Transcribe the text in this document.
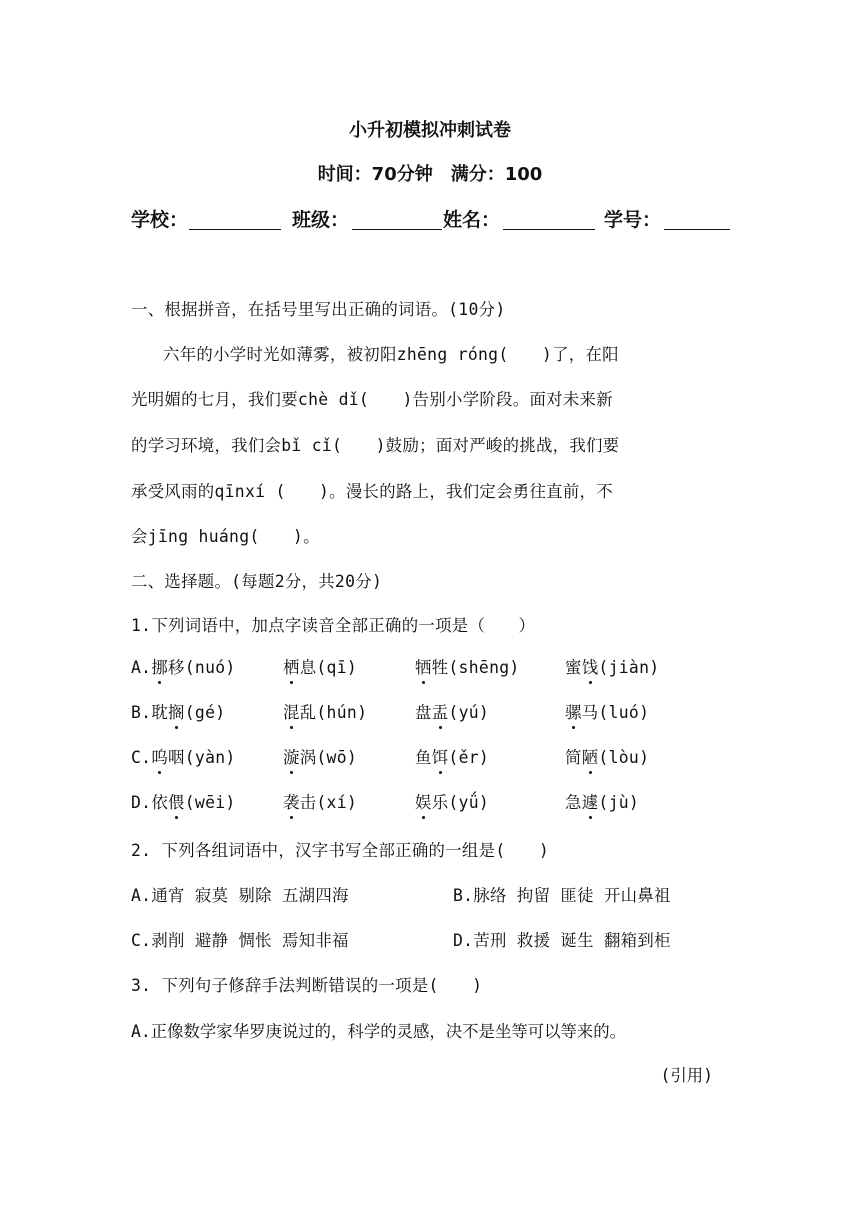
小升初模拟冲刺试卷
时间：70分钟　满分：100
学校：	班级：	姓名：	学号：
一、根据拼音，在括号里写出正确的词语。(10分)
六年的小学时光如薄雾，被初阳zhēng róng(　　)了，在阳
光明媚的七月，我们要chè dǐ(　　)告别小学阶段。面对未来新
的学习环境，我们会bǐ cǐ(　　)鼓励；面对严峻的挑战，我们要
承受风雨的qīnxí (　　)。漫长的路上，我们定会勇往直前，不
会jīng huáng(　　)。
二、选择题。(每题2分，共20分)
1.下列词语中，加点字读音全部正确的一项是（　　）
A.挪移(nuó)	栖息(qī)	牺牲(shēng)	蜜饯(jiàn)
B.耽搁(gé)	混乱(hún)	盘盂(yú)	骡马(luó)
C.呜咽(yàn)	漩涡(wō)	鱼饵(ěr)	简陋(lòu)
D.依偎(wēi)	袭击(xí)	娱乐(yǘ)	急遽(jù)
2. 下列各组词语中，汉字书写全部正确的一组是(　　)
A.通宵 寂莫 剔除 五湖四海	B.脉络 拘留 匪徒 开山鼻祖
C.剥削 避静 惆怅 焉知非福	D.苦刑 救援 诞生 翻箱到柜
3. 下列句子修辞手法判断错误的一项是(　　)
A.正像数学家华罗庚说过的，科学的灵感，决不是坐等可以等来的。
(引用)
